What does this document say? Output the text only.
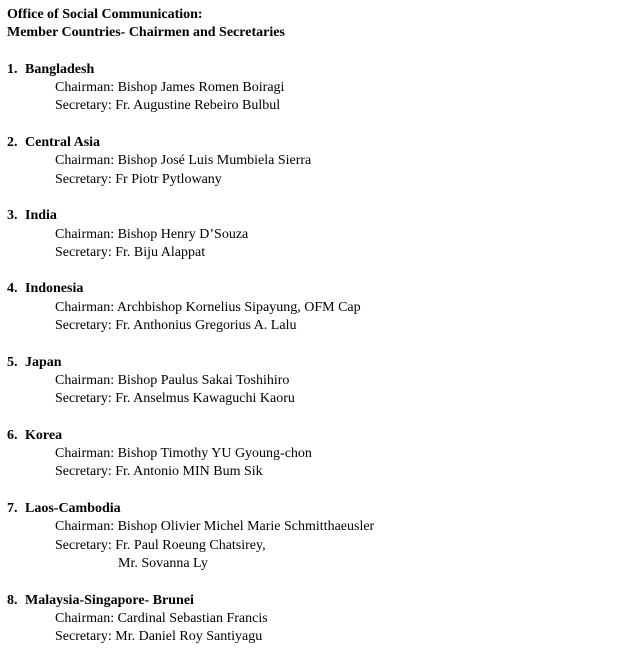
Office of Social Communication:
Member Countries- Chairmen and Secretaries
1. Bangladesh
Chairman: Bishop James Romen Boiragi
Secretary: Fr. Augustine Rebeiro Bulbul
2. Central Asia
Chairman: Bishop José Luis Mumbiela Sierra
Secretary: Fr Piotr Pytlowany
3. India
Chairman: Bishop Henry D’Souza
Secretary: Fr. Biju Alappat
4. Indonesia
Chairman: Archbishop Kornelius Sipayung, OFM Cap
Secretary: Fr. Anthonius Gregorius A. Lalu
5. Japan
Chairman: Bishop Paulus Sakai Toshihiro
Secretary: Fr. Anselmus Kawaguchi Kaoru
6. Korea
Chairman: Bishop Timothy YU Gyoung-chon
Secretary: Fr. Antonio MIN Bum Sik
7. Laos-Cambodia
Chairman: Bishop Olivier Michel Marie Schmitthaeusler
Secretary: Fr. Paul Roeung Chatsirey,
Mr. Sovanna Ly
8. Malaysia-Singapore- Brunei
Chairman: Cardinal Sebastian Francis
Secretary: Mr. Daniel Roy Santiyagu
